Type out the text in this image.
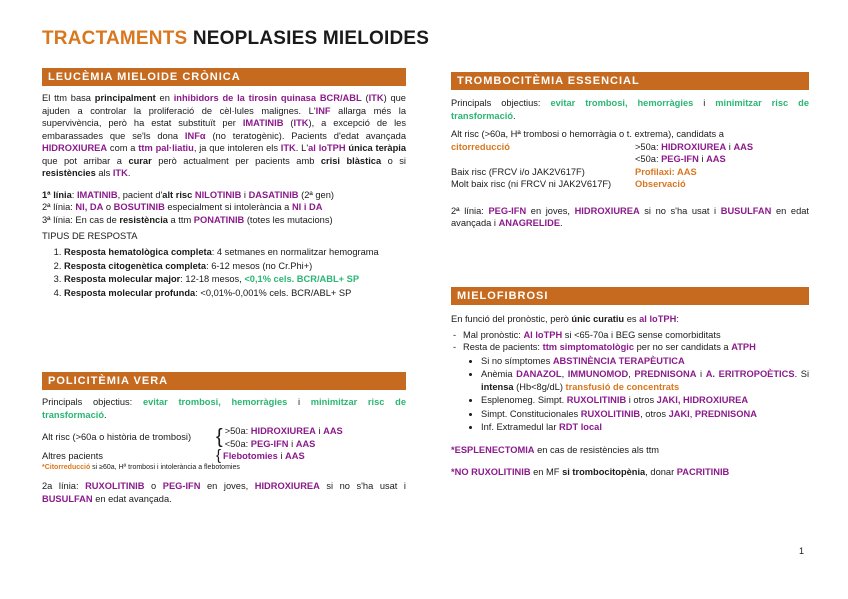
TRACTAMENTS NEOPLASIES MIELOIDES
LEUCÈMIA MIELOIDE CRÒNICA

El ttm basa principalment en inhibidors de la tirosin quinasa BCR/ABL (ITK) que ajuden a controlar la proliferació de cèl·lules malignes. L'INF allarga més la supervivència, però ha estat substituït per IMATINIB (ITK), a excepció de les embarassades que se'ls dona INFα (no teratogènic). Pacients d'edat avançada HIDROXIUREA com a ttm pal·liatiu, ja que intoleren els ITK. L'al loTPH única teràpia que pot arribar a curar però actualment per pacients amb crisi blàstica o si resistències als ITK.

1ª línia: IMATINIB, pacient d'alt risc NILOTINIB i DASATINIB (2ª gen)

2ª línia: NI, DA o BOSUTINIB especialment si intolerància a NI i DA

3ª línia: En cas de resistència a ttm PONATINIB (totes les mutacions)

TIPUS DE RESPOSTA

1. Resposta hematològica completa: 4 setmanes en normalitzar hemograma
2. Resposta citogenètica completa: 6-12 mesos (no Cr.Phi+)
3. Resposta molecular major: 12-18 mesos, <0,1% cels. BCR/ABL+ SP
4. Resposta molecular profunda: <0,01%-0,001% cels. BCR/ABL+ SP
POLICITÈMIA VERA

Principals objectius: evitar trombosi, hemorràgies i minimitzar risc de transformació.

Alt risc (>60a o història de trombosi)	{ >50a: HIDROXIUREA i AAS
<50a: PEG-IFN i AAS
Altres pacients	{ Flebotomies i AAS
*Citorreducció si ≥60a, Hª trombosi i intolerància a flebotomies

2a línia: RUXOLITINIB o PEG-IFN en joves, HIDROXIUREA si no s'ha usat i BUSULFAN en edat avançada.

TROMBOCITÈMIA ESSENCIAL

Principals objectius: evitar trombosi, hemorràgies i minimitzar risc de transformació.

Alt risc (>60a, Hª trombosi o hemorràgia o t. extrema), candidats a

citorreducció	>50a: HIDROXIUREA i AAS
<50a: PEG-IFN i AAS
Baix risc (FRCV i/o JAK2V617F)	Profilaxi: AAS
Molt baix risc (ni FRCV ni JAK2V617F)	Observació

2ª línia: PEG-IFN en joves, HIDROXIUREA si no s'ha usat i BUSULFAN en edat avançada i ANAGRELIDE.

MIELOFIBROSI

En funció del pronòstic, però únic curatiu es al loTPH:

- Mal pronòstic: Al loTPH si <65-70a i BEG sense comorbiditats
- Resta de pacients: ttm simptomatològic per no ser candidats a ATPH
• Si no símptomes ABSTINÈNCIA TERAPÈUTICA
• Anèmia DANAZOL, IMMUNOMOD, PREDNISONA i A. ERITROPOÈTICS. Si intensa (Hb<8g/dL) transfusió de concentrats
• Esplenomeg. Simpt. RUXOLITINIB i otros JAKI, HIDROXIUREA
• Simpt. Constitucionales RUXOLITINIB, otros JAKI, PREDNISONA
• Inf. Extramedul lar RDT local

*ESPLENECTOMIA en cas de resistències als ttm

*NO RUXOLITINIB en MF si trombocitopènia, donar PACRITINIB

1
